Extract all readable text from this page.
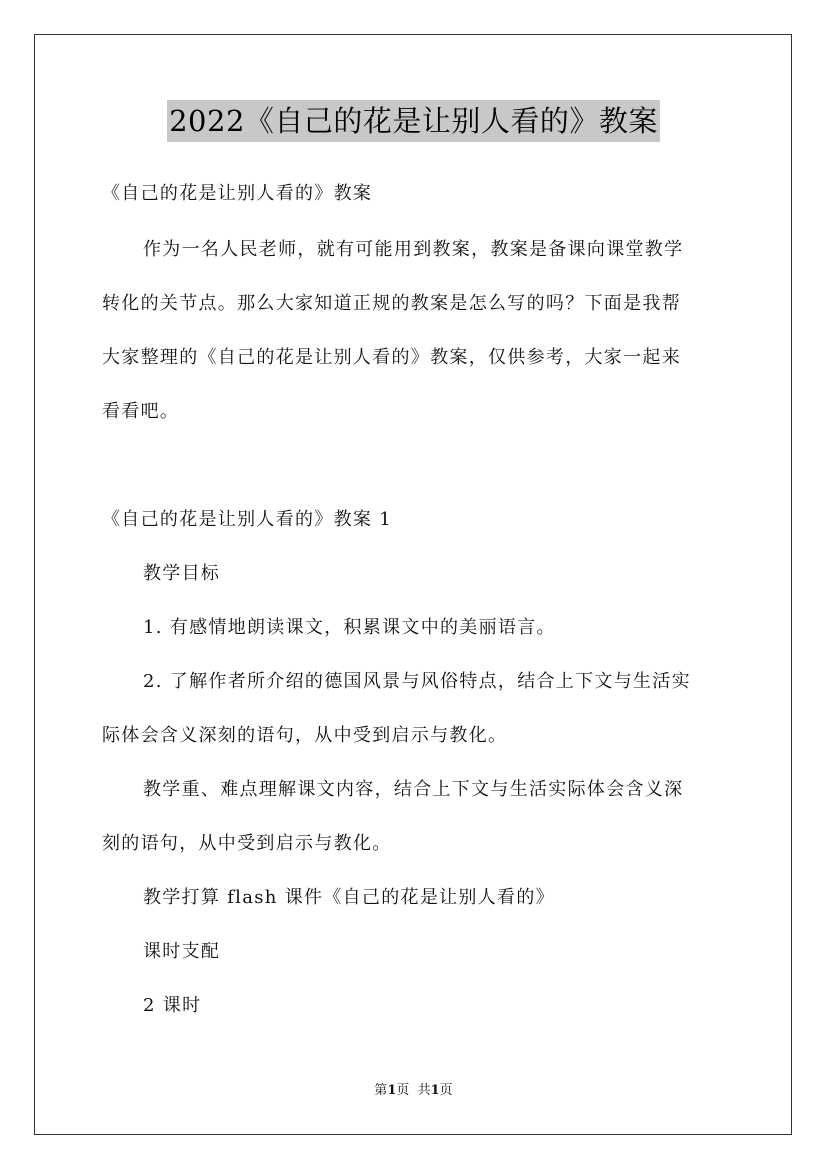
2022《自己的花是让别人看的》教案
《自己的花是让别人看的》教案
作为一名人民老师，就有可能用到教案，教案是备课向课堂教学
转化的关节点。那么大家知道正规的教案是怎么写的吗？下面是我帮
大家整理的《自己的花是让别人看的》教案，仅供参考，大家一起来
看看吧。
《自己的花是让别人看的》教案 1
教学目标
1. 有感情地朗读课文，积累课文中的美丽语言。
2. 了解作者所介绍的德国风景与风俗特点，结合上下文与生活实
际体会含义深刻的语句，从中受到启示与教化。
教学重、难点理解课文内容，结合上下文与生活实际体会含义深
刻的语句，从中受到启示与教化。
教学打算 flash 课件《自己的花是让别人看的》
课时支配
2 课时
第1页  共1页
